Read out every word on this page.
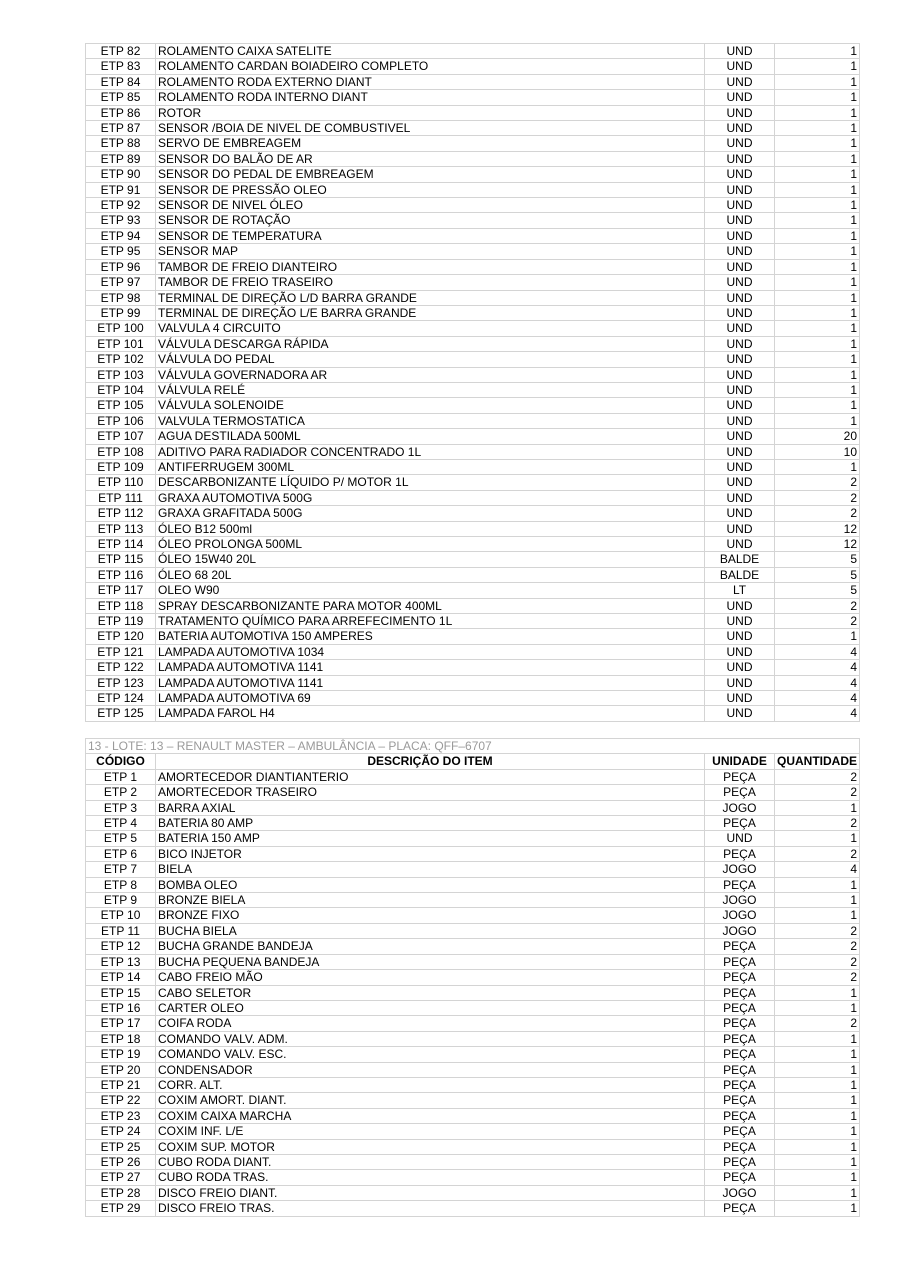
ETP 82	ROLAMENTO CAIXA SATELITE	UND	1
ETP 83	ROLAMENTO CARDAN BOIADEIRO COMPLETO	UND	1
ETP 84	ROLAMENTO RODA EXTERNO DIANT	UND	1
ETP 85	ROLAMENTO RODA INTERNO DIANT	UND	1
ETP 86	ROTOR	UND	1
ETP 87	SENSOR /BOIA DE NIVEL DE COMBUSTIVEL	UND	1
ETP 88	SERVO DE EMBREAGEM	UND	1
ETP 89	SENSOR DO BALÃO DE AR	UND	1
ETP 90	SENSOR DO PEDAL DE EMBREAGEM	UND	1
ETP 91	SENSOR DE PRESSÃO OLEO	UND	1
ETP 92	SENSOR DE NIVEL ÓLEO	UND	1
ETP 93	SENSOR DE ROTAÇÃO	UND	1
ETP 94	SENSOR DE TEMPERATURA	UND	1
ETP 95	SENSOR MAP	UND	1
ETP 96	TAMBOR DE FREIO DIANTEIRO	UND	1
ETP 97	TAMBOR DE FREIO TRASEIRO	UND	1
ETP 98	TERMINAL DE DIREÇÃO L/D BARRA GRANDE	UND	1
ETP 99	TERMINAL DE DIREÇÃO L/E BARRA GRANDE	UND	1
ETP 100	VALVULA 4 CIRCUITO	UND	1
ETP 101	VÁLVULA DESCARGA RÁPIDA	UND	1
ETP 102	VÁLVULA DO PEDAL	UND	1
ETP 103	VÁLVULA GOVERNADORA AR	UND	1
ETP 104	VÁLVULA RELÉ	UND	1
ETP 105	VÁLVULA SOLENOIDE	UND	1
ETP 106	VALVULA TERMOSTATICA	UND	1
ETP 107	AGUA DESTILADA 500ML	UND	20
ETP 108	ADITIVO PARA RADIADOR CONCENTRADO 1L	UND	10
ETP 109	ANTIFERRUGEM 300ML	UND	1
ETP 110	DESCARBONIZANTE LÍQUIDO P/ MOTOR 1L	UND	2
ETP 111	GRAXA AUTOMOTIVA 500G	UND	2
ETP 112	GRAXA GRAFITADA 500G	UND	2
ETP 113	ÓLEO B12 500ml	UND	12
ETP 114	ÓLEO PROLONGA 500ML	UND	12
ETP 115	ÓLEO 15W40 20L	BALDE	5
ETP 116	ÓLEO 68 20L	BALDE	5
ETP 117	OLEO W90	LT	5
ETP 118	SPRAY DESCARBONIZANTE PARA MOTOR 400ML	UND	2
ETP 119	TRATAMENTO QUÍMICO PARA ARREFECIMENTO 1L	UND	2
ETP 120	BATERIA AUTOMOTIVA 150 AMPERES	UND	1
ETP 121	LAMPADA AUTOMOTIVA 1034	UND	4
ETP 122	LAMPADA AUTOMOTIVA 1141	UND	4
ETP 123	LAMPADA AUTOMOTIVA 1141	UND	4
ETP 124	LAMPADA AUTOMOTIVA 69	UND	4
ETP 125	LAMPADA FAROL H4	UND	4
13 - LOTE: 13 – RENAULT MASTER – AMBULÂNCIA – PLACA: QFF–6707			
CÓDIGO	DESCRIÇÃO DO ITEM	UNIDADE	QUANTIDADE
ETP 1	AMORTECEDOR DIANTIANTERIO	PEÇA	2
ETP 2	AMORTECEDOR TRASEIRO	PEÇA	2
ETP 3	BARRA AXIAL	JOGO	1
ETP 4	BATERIA 80 AMP	PEÇA	2
ETP 5	BATERIA 150 AMP	UND	1
ETP 6	BICO INJETOR	PEÇA	2
ETP 7	BIELA	JOGO	4
ETP 8	BOMBA OLEO	PEÇA	1
ETP 9	BRONZE BIELA	JOGO	1
ETP 10	BRONZE FIXO	JOGO	1
ETP 11	BUCHA BIELA	JOGO	2
ETP 12	BUCHA GRANDE BANDEJA	PEÇA	2
ETP 13	BUCHA PEQUENA BANDEJA	PEÇA	2
ETP 14	CABO FREIO MÃO	PEÇA	2
ETP 15	CABO SELETOR	PEÇA	1
ETP 16	CARTER OLEO	PEÇA	1
ETP 17	COIFA RODA	PEÇA	2
ETP 18	COMANDO VALV. ADM.	PEÇA	1
ETP 19	COMANDO VALV. ESC.	PEÇA	1
ETP 20	CONDENSADOR	PEÇA	1
ETP 21	CORR. ALT.	PEÇA	1
ETP 22	COXIM AMORT. DIANT.	PEÇA	1
ETP 23	COXIM CAIXA MARCHA	PEÇA	1
ETP 24	COXIM INF. L/E	PEÇA	1
ETP 25	COXIM SUP. MOTOR	PEÇA	1
ETP 26	CUBO RODA DIANT.	PEÇA	1
ETP 27	CUBO RODA TRAS.	PEÇA	1
ETP 28	DISCO FREIO DIANT.	JOGO	1
ETP 29	DISCO FREIO TRAS.	PEÇA	1
